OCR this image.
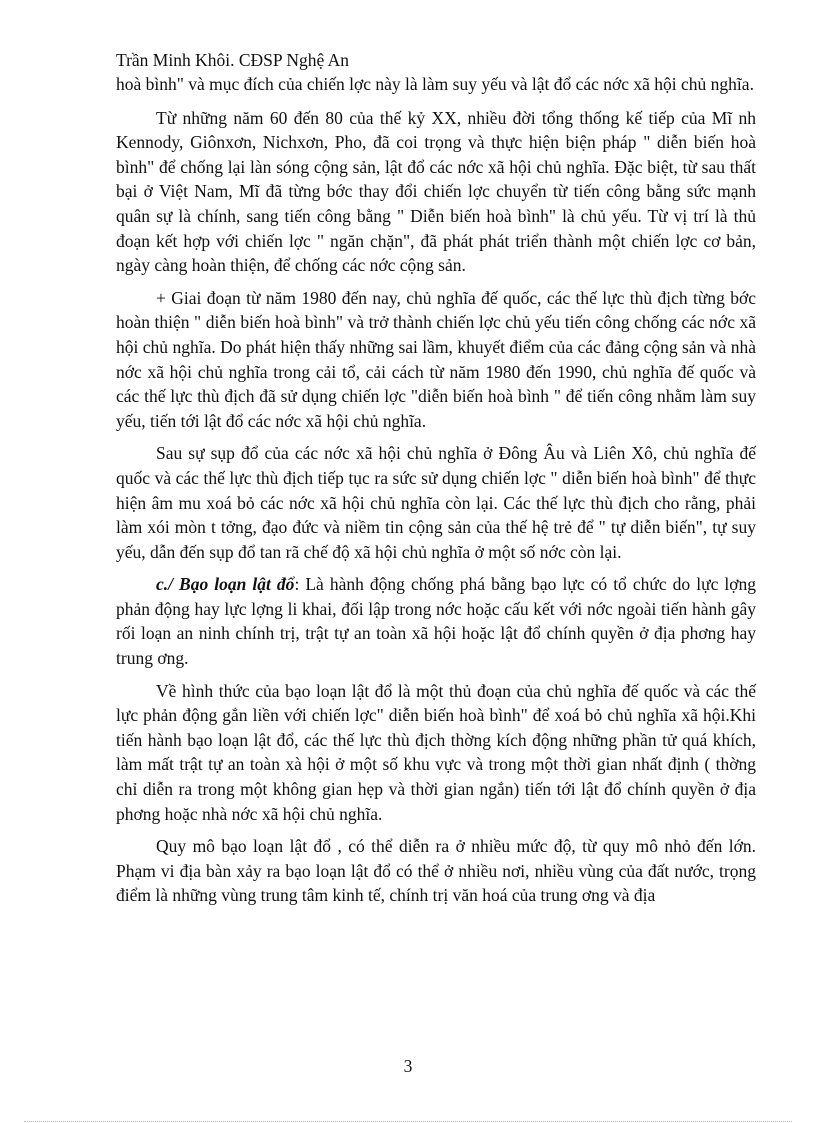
Trần Minh Khôi. CĐSP Nghệ An

hoà bình" và mục đích của chiến lợc này là làm suy yếu và lật đổ các nớc xã hội chủ nghĩa.

Từ những năm 60 đến 80 của thế kỷ XX, nhiều đời tổng thống kế tiếp của Mĩ nh Kennody, Giônxơn, Nichxơn, Pho, đã coi trọng và thực hiện biện pháp " diễn biến hoà bình" để chống lại làn sóng cộng sản, lật đổ các nớc xã hội chủ nghĩa. Đặc biệt, từ sau thất bại ở Việt Nam, Mĩ đã từng bớc thay đổi chiến lợc chuyển từ tiến công bằng sức mạnh quân sự là chính, sang tiến công bằng " Diễn biến hoà bình" là chủ yếu. Từ vị trí là thủ đoạn kết hợp với chiến lợc " ngăn chặn", đã phát phát triển thành một chiến lợc cơ bản, ngày càng hoàn thiện, để chống các nớc cộng sản.

+ Giai đoạn từ năm 1980 đến nay, chủ nghĩa đế quốc, các thế lực thù địch từng bớc hoàn thiện " diễn biến hoà bình" và trở thành chiến lợc chủ yếu tiến công chống các nớc xã hội chủ nghĩa. Do phát hiện thấy những sai lầm, khuyết điểm của các đảng cộng sản và nhà nớc xã hội chủ nghĩa trong cải tổ, cải cách từ năm 1980 đến 1990, chủ nghĩa đế quốc và các thế lực thù địch đã sử dụng chiến lợc "diễn biến hoà bình " để tiến công nhằm làm suy yếu, tiến tới lật đổ các nớc xã hội chủ nghĩa.

Sau sự sụp đổ của các nớc xã hội chủ nghĩa ở Đông Âu và Liên Xô, chủ nghĩa đế quốc và các thế lực thù địch tiếp tục ra sức sử dụng chiến lợc " diễn biến hoà bình" để thực hiện âm mu xoá bỏ các nớc xã hội chủ nghĩa còn lại. Các thế lực thù địch cho rằng, phải làm xói mòn t tởng, đạo đức và niềm tin cộng sản của thế hệ trẻ để " tự diễn biến", tự suy yếu, dẫn đến sụp đổ tan rã chế độ xã hội chủ nghĩa ở một số nớc còn lại.

c./ Bạo loạn lật đổ: Là hành động chống phá bằng bạo lực có tổ chức do lực lợng phản động hay lực lợng li khai, đối lập trong nớc hoặc cấu kết với nớc ngoài tiến hành gây rối loạn an ninh chính trị, trật tự an toàn xã hội hoặc lật đổ chính quyền ở địa phơng hay trung ơng.

Về hình thức của bạo loạn lật đổ là một thủ đoạn của chủ nghĩa đế quốc và các thế lực phản động gắn liền với chiến lợc" diễn biến hoà bình" để xoá bỏ chủ nghĩa xã hội.Khi tiến hành bạo loạn lật đổ, các thế lực thù địch thờng kích động những phần tử quá khích, làm mất trật tự an toàn xà hội ở một số khu vực và trong một thời gian nhất định ( thờng chỉ diễn ra trong một không gian hẹp và thời gian ngắn) tiến tới lật đổ chính quyền ở địa phơng hoặc nhà nớc xã hội chủ nghĩa.

Quy mô bạo loạn lật đổ , có thể diễn ra ở nhiều mức độ, từ quy mô nhỏ đến lớn. Phạm vi địa bàn xảy ra bạo loạn lật đổ có thể ở nhiều nơi, nhiều vùng của đất nước, trọng điểm là những vùng trung tâm kinh tế, chính trị văn hoá của trung ơng và địa

3
